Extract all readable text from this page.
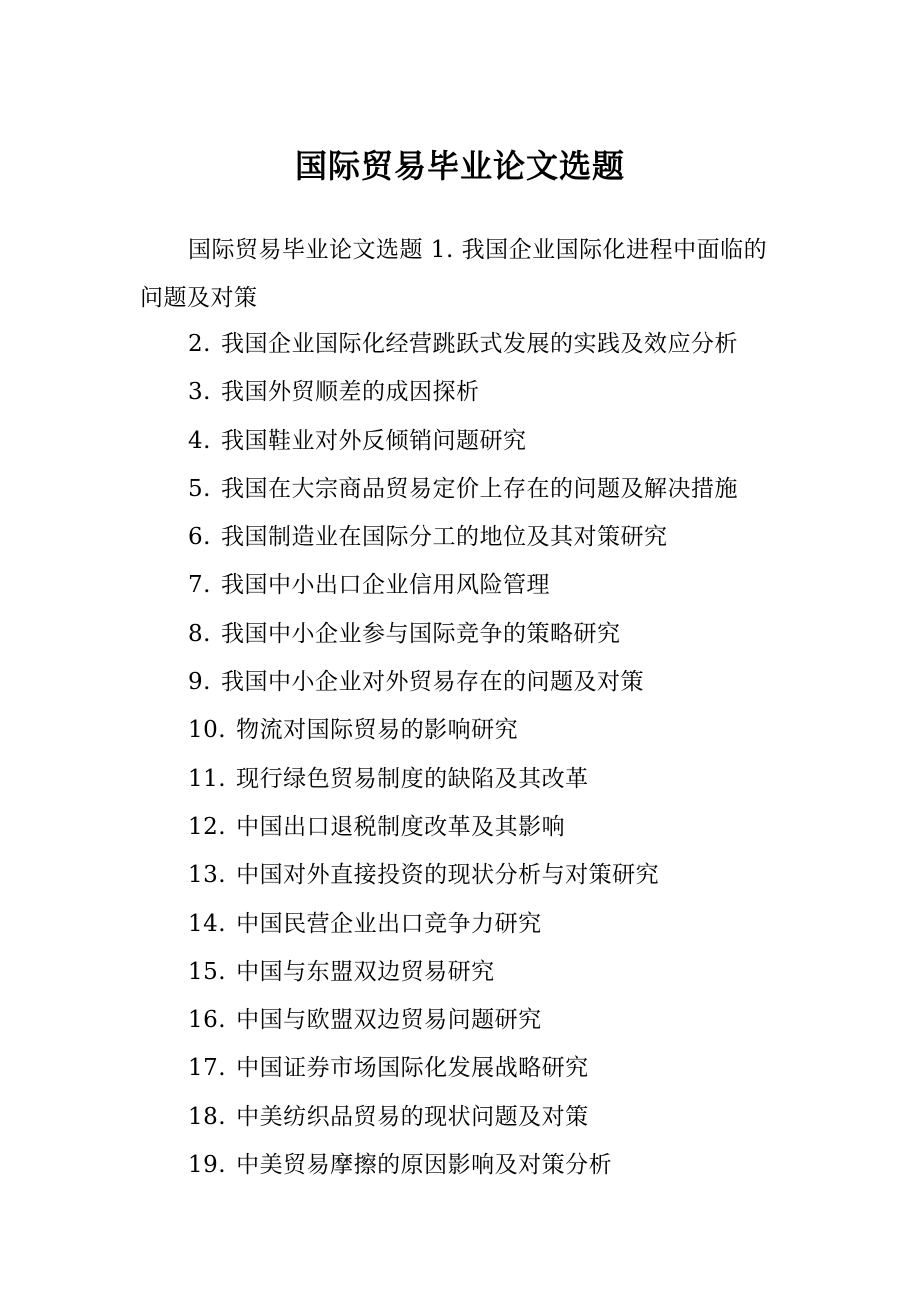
国际贸易毕业论文选题

国际贸易毕业论文选题 1. 我国企业国际化进程中面临的问题及对策

2. 我国企业国际化经营跳跃式发展的实践及效应分析
3. 我国外贸顺差的成因探析
4. 我国鞋业对外反倾销问题研究
5. 我国在大宗商品贸易定价上存在的问题及解决措施
6. 我国制造业在国际分工的地位及其对策研究
7. 我国中小出口企业信用风险管理
8. 我国中小企业参与国际竞争的策略研究
9. 我国中小企业对外贸易存在的问题及对策
10. 物流对国际贸易的影响研究
11. 现行绿色贸易制度的缺陷及其改革
12. 中国出口退税制度改革及其影响
13. 中国对外直接投资的现状分析与对策研究
14. 中国民营企业出口竞争力研究
15. 中国与东盟双边贸易研究
16. 中国与欧盟双边贸易问题研究
17. 中国证券市场国际化发展战略研究
18. 中美纺织品贸易的现状问题及对策
19. 中美贸易摩擦的原因影响及对策分析
